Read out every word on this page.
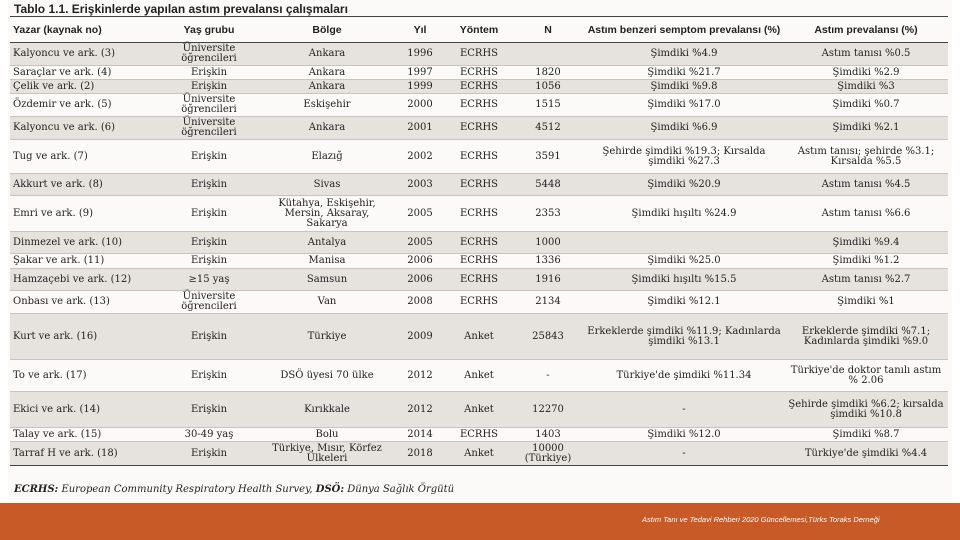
Tablo 1.1. Erişkinlerde yapılan astım prevalansı çalışmaları
Yazar (kaynak no)	Yaş grubu	Bölge	Yıl	Yöntem	N	Astım benzeri semptom prevalansı (%)	Astım prevalansı (%)
Kalyoncu ve ark. (3)	Üniversite öğrencileri	Ankara	1996	ECRHS		Şimdiki %4.9	Astım tanısı %0.5
Saraçlar ve ark. (4)	Erişkin	Ankara	1997	ECRHS	1820	Şimdiki %21.7	Şimdiki %2.9
Çelik ve ark. (2)	Erişkin	Ankara	1999	ECRHS	1056	Şimdiki %9.8	Şimdiki %3
Özdemir ve ark. (5)	Üniversite öğrencileri	Eskişehir	2000	ECRHS	1515	Şimdiki %17.0	Şimdiki %0.7
Kalyoncu ve ark. (6)	Üniversite öğrencileri	Ankara	2001	ECRHS	4512	Şimdiki %6.9	Şimdiki %2.1
Tug ve ark. (7)	Erişkin	Elazığ	2002	ECRHS	3591	Şehirde şimdiki %19.3; Kırsalda şimdiki %27.3	Astım tanısı; şehirde %3.1; Kırsalda %5.5
Akkurt ve ark. (8)	Erişkin	Sivas	2003	ECRHS	5448	Şimdiki %20.9	Astım tanısı %4.5
Emri ve ark. (9)	Erişkin	Kütahya, Eskişehir, Mersin, Aksaray, Sakarya	2005	ECRHS	2353	Şimdiki hışıltı %24.9	Astım tanısı %6.6
Dinmezel ve ark. (10)	Erişkin	Antalya	2005	ECRHS	1000		Şimdiki %9.4
Şakar ve ark. (11)	Erişkin	Manisa	2006	ECRHS	1336	Şimdiki %25.0	Şimdiki %1.2
Hamzaçebi ve ark. (12)	≥15 yaş	Samsun	2006	ECRHS	1916	Şimdiki hışıltı %15.5	Astım tanısı %2.7
Onbası ve ark. (13)	Üniversite öğrencileri	Van	2008	ECRHS	2134	Şimdiki %12.1	Şimdiki %1
Kurt ve ark. (16)	Erişkin	Türkiye	2009	Anket	25843	Erkeklerde şimdiki %11.9; Kadınlarda şimdiki %13.1	Erkeklerde şimdiki %7.1; Kadınlarda şimdiki %9.0
To ve ark. (17)	Erişkin	DSÖ üyesi 70 ülke	2012	Anket	-	Türkiye'de şimdiki %11.34	Türkiye'de doktor tanılı astım % 2.06
Ekici ve ark. (14)	Erişkin	Kırıkkale	2012	Anket	12270	-	Şehirde şimdiki %6.2; kırsalda şimdiki %10.8
Talay ve ark. (15)	30-49 yaş	Bolu	2014	ECRHS	1403	Şimdiki %12.0	Şimdiki %8.7
Tarraf H ve ark. (18)	Erişkin	Türkiye, Mısır, Körfez Ülkeleri	2018	Anket	10000 (Türkiye)	-	Türkiye'de şimdiki %4.4
ECRHS: European Community Respiratory Health Survey, DSÖ: Dünya Sağlık Örgütü
Astım Tanı ve Tedavi Rehberi 2020 Güncellemesi,Türks Toraks Derneği
